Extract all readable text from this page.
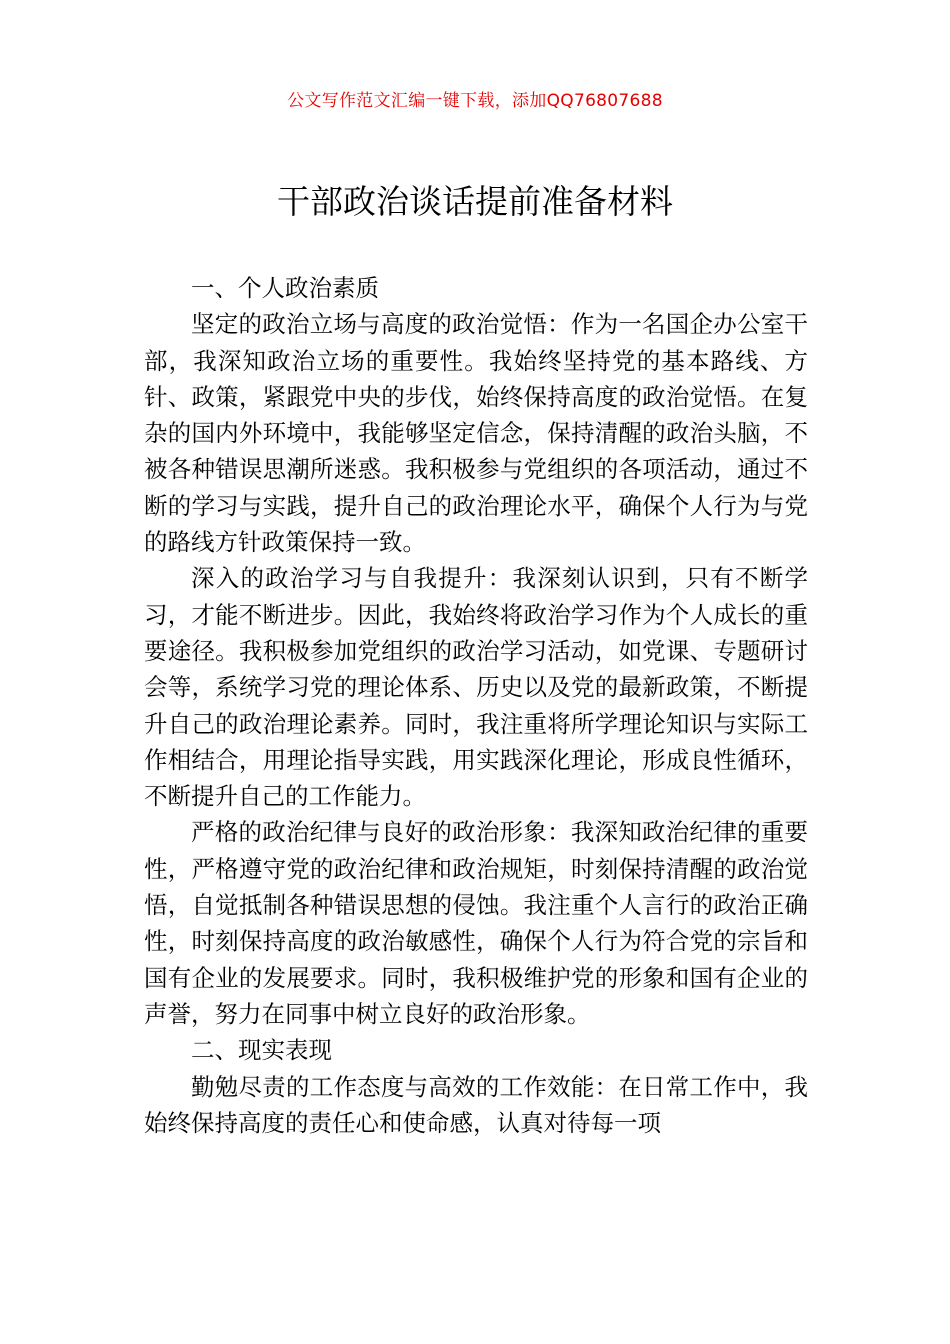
公文写作范文汇编一键下载，添加QQ76807688
干部政治谈话提前准备材料

一、个人政治素质

坚定的政治立场与高度的政治觉悟：作为一名国企办公室干部，我深知政治立场的重要性。我始终坚持党的基本路线、方针、政策，紧跟党中央的步伐，始终保持高度的政治觉悟。在复杂的国内外环境中，我能够坚定信念，保持清醒的政治头脑，不被各种错误思潮所迷惑。我积极参与党组织的各项活动，通过不断的学习与实践，提升自己的政治理论水平，确保个人行为与党的路线方针政策保持一致。

深入的政治学习与自我提升：我深刻认识到，只有不断学习，才能不断进步。因此，我始终将政治学习作为个人成长的重要途径。我积极参加党组织的政治学习活动，如党课、专题研讨会等，系统学习党的理论体系、历史以及党的最新政策，不断提升自己的政治理论素养。同时，我注重将所学理论知识与实际工作相结合，用理论指导实践，用实践深化理论，形成良性循环，不断提升自己的工作能力。

严格的政治纪律与良好的政治形象：我深知政治纪律的重要性，严格遵守党的政治纪律和政治规矩，时刻保持清醒的政治觉悟，自觉抵制各种错误思想的侵蚀。我注重个人言行的政治正确性，时刻保持高度的政治敏感性，确保个人行为符合党的宗旨和国有企业的发展要求。同时，我积极维护党的形象和国有企业的声誉，努力在同事中树立良好的政治形象。

二、现实表现

勤勉尽责的工作态度与高效的工作效能：在日常工作中，我始终保持高度的责任心和使命感，认真对待每一项
